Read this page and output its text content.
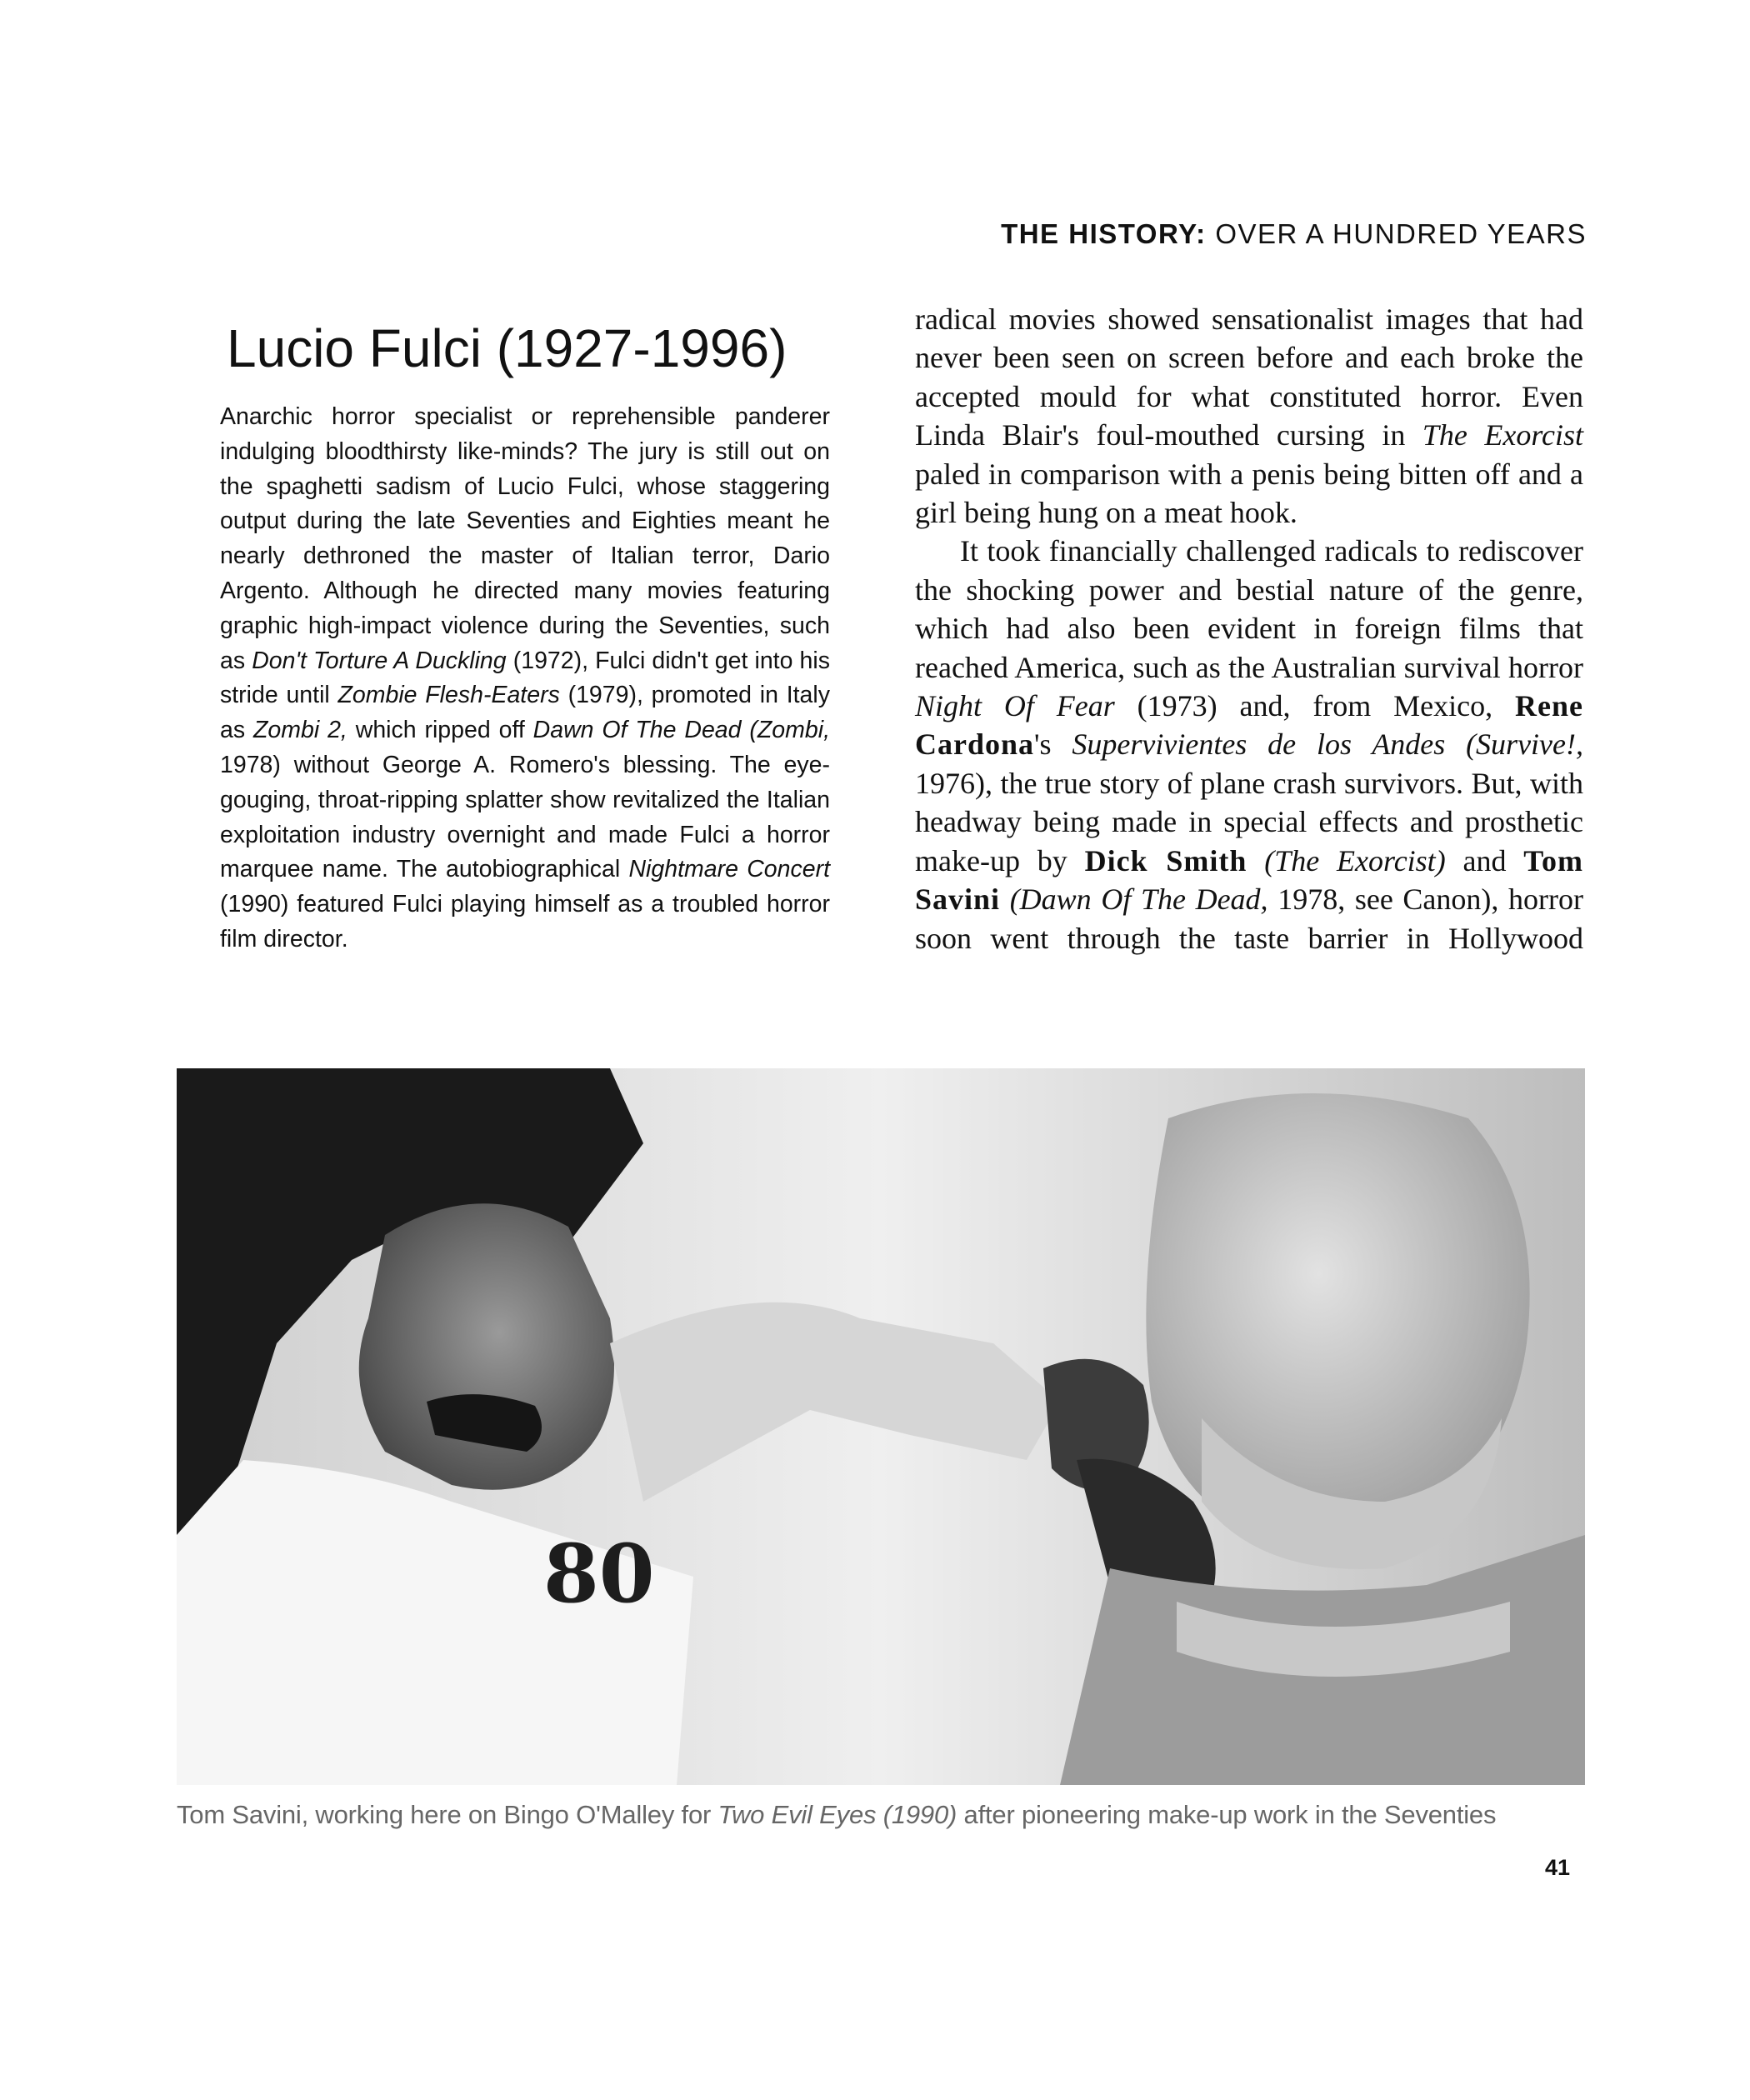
THE HISTORY: OVER A HUNDRED YEARS
Lucio Fulci (1927-1996)

Anarchic horror specialist or reprehensible panderer indulging bloodthirsty like-minds? The jury is still out on the spaghetti sadism of Lucio Fulci, whose staggering output during the late Seventies and Eighties meant he nearly dethroned the master of Italian terror, Dario Argento. Although he directed many movies featuring graphic high-impact violence during the Seventies, such as Don't Torture A Duckling (1972), Fulci didn't get into his stride until Zombie Flesh-Eaters (1979), promoted in Italy as Zombi 2, which ripped off Dawn Of The Dead (Zombi, 1978) without George A. Romero's blessing. The eye-gouging, throat-ripping splatter show revitalized the Italian exploitation industry overnight and made Fulci a horror marquee name. The autobiographical Nightmare Concert (1990) featured Fulci playing himself as a troubled horror film director.

radical movies showed sensationalist images that had never been seen on screen before and each broke the accepted mould for what constituted horror. Even Linda Blair's foul-mouthed cursing in The Exorcist paled in comparison with a penis being bitten off and a girl being hung on a meat hook.

It took financially challenged radicals to rediscover the shocking power and bestial nature of the genre, which had also been evident in foreign films that reached America, such as the Australian survival horror Night Of Fear (1973) and, from Mexico, Rene Cardona's Supervivientes de los Andes (Survive!, 1976), the true story of plane crash survivors. But, with headway being made in special effects and prosthetic make-up by Dick Smith (The Exorcist) and Tom Savini (Dawn Of The Dead, 1978, see Canon), horror soon went through the taste barrier in Hollywood

80
Tom Savini, working here on Bingo O'Malley for Two Evil Eyes (1990) after pioneering make-up work in the Seventies
41
